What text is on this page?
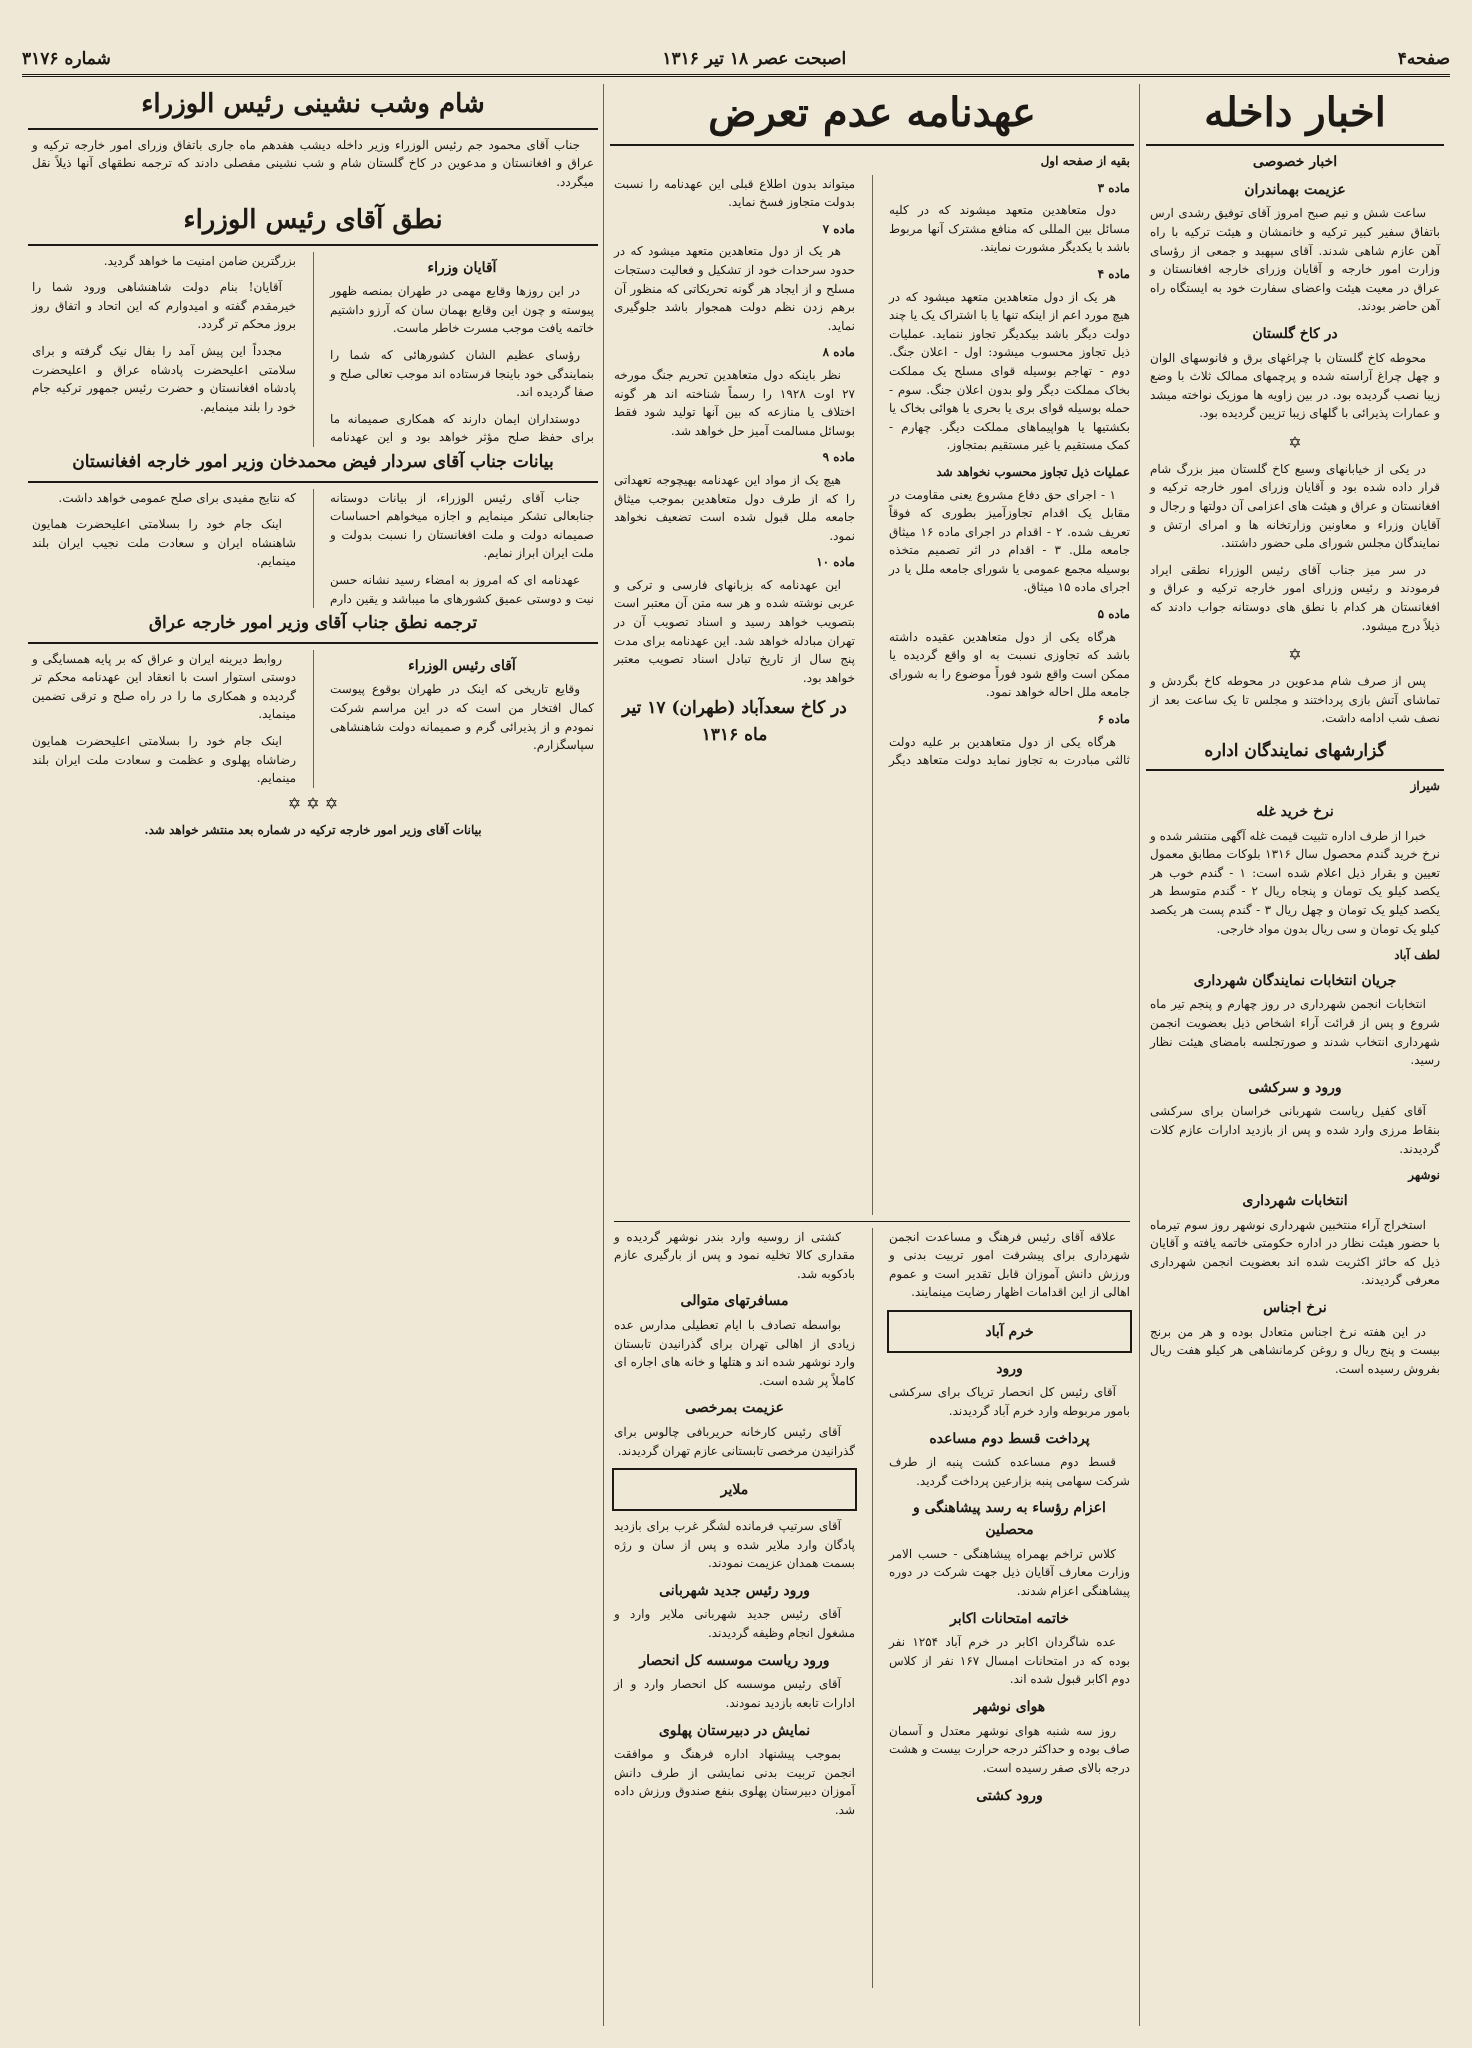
صفحه۴
اصبحت عصر ۱۸ تیر ۱۳۱۶
شماره ۳۱۷۶
اخبار داخله
اخبار خصوصی
عزیمت بهماندران
ساعت شش و نیم صبح امروز آقای توفیق رشدی ارس باتفاق سفیر کبیر ترکیه و خانمشان و هیئت ترکیه با راه آهن عازم شاهی شدند. آقای سپهبد و جمعی از رؤسای وزارت امور خارجه و آقایان وزرای خارجه افغانستان و عراق در معیت هیئت واعضای سفارت خود به ایستگاه راه آهن حاضر بودند.
در کاخ گلستان
محوطه کاخ گلستان با چراغهای برق و فانوسهای الوان و چهل چراغ آراسته شده و پرچمهای ممالک ثلاث با وضع زیبا نصب گردیده بود. در بین زاویه ها موزیک نواخته میشد و عمارات پذیرائی با گلهای زیبا تزیین گردیده بود.
✡
در یکی از خیابانهای وسیع کاخ گلستان میز بزرگ شام قرار داده شده بود و آقایان وزرای امور خارجه ترکیه و افغانستان و عراق و هیئت های اعزامی آن دولتها و رجال و آقایان وزراء و معاونین وزارتخانه ها و امرای ارتش و نمایندگان مجلس شورای ملی حضور داشتند.
در سر میز جناب آقای رئیس الوزراء نطقی ایراد فرمودند و رئیس وزرای امور خارجه ترکیه و عراق و افغانستان هر کدام با نطق های دوستانه جواب دادند که ذیلاً درج میشود.
✡
پس از صرف شام مدعوین در محوطه کاخ بگردش و تماشای آتش بازی پرداختند و مجلس تا یک ساعت بعد از نصف شب ادامه داشت.
گزارشهای نمایندگان اداره
شیراز
نرخ خرید غله
خبرا از طرف اداره تثبیت قیمت غله آگهی منتشر شده و نرخ خرید گندم محصول سال ۱۳۱۶ بلوکات مطابق معمول تعیین و بقرار ذیل اعلام شده است: ۱ - گندم خوب هر یکصد کیلو یک تومان و پنجاه ریال ۲ - گندم متوسط هر یکصد کیلو یک تومان و چهل ریال ۳ - گندم پست هر یکصد کیلو یک تومان و سی ریال بدون مواد خارجی.
لطف آباد
جریان انتخابات نمایندگان شهرداری
انتخابات انجمن شهرداری در روز چهارم و پنجم تیر ماه شروع و پس از قرائت آراء اشخاص ذیل بعضویت انجمن شهرداری انتخاب شدند و صورتجلسه بامضای هیئت نظار رسید.
ورود و سرکشی
آقای کفیل ریاست شهربانی خراسان برای سرکشی بنقاط مرزی وارد شده و پس از بازدید ادارات عازم کلات گردیدند.
نوشهر
انتخابات شهرداری
استخراج آراء منتخبین شهرداری نوشهر روز سوم تیرماه با حضور هیئت نظار در اداره حکومتی خاتمه یافته و آقایان ذیل که حائز اکثریت شده اند بعضویت انجمن شهرداری معرفی گردیدند.
نرخ اجناس
در این هفته نرخ اجناس متعادل بوده و هر من برنج بیست و پنج ریال و روغن کرمانشاهی هر کیلو هفت ریال بفروش رسیده است.
عهدنامه عدم تعرض
بقیه از صفحه اول
ماده ۳
دول متعاهدین متعهد میشوند که در کلیه مسائل بین المللی که منافع مشترک آنها مربوط باشد با یکدیگر مشورت نمایند.
ماده ۴
هر یک از دول متعاهدین متعهد میشود که در هیچ مورد اعم از اینکه تنها یا با اشتراک یک یا چند دولت دیگر باشد بیکدیگر تجاوز ننماید. عملیات ذیل تجاوز محسوب میشود: اول - اعلان جنگ. دوم - تهاجم بوسیله قوای مسلح یک مملکت بخاک مملکت دیگر ولو بدون اعلان جنگ. سوم - حمله بوسیله قوای بری یا بحری یا هوائی بخاک یا بکشتیها یا هواپیماهای مملکت دیگر. چهارم - کمک مستقیم یا غیر مستقیم بمتجاوز.
عملیات ذیل تجاوز محسوب نخواهد شد
۱ - اجرای حق دفاع مشروع یعنی مقاومت در مقابل یک اقدام تجاوزآمیز بطوری که فوقاً تعریف شده. ۲ - اقدام در اجرای ماده ۱۶ میثاق جامعه ملل. ۳ - اقدام در اثر تصمیم متخذه بوسیله مجمع عمومی یا شورای جامعه ملل یا در اجرای ماده ۱۵ میثاق.
ماده ۵
هرگاه یکی از دول متعاهدین عقیده داشته باشد که تجاوزی نسبت به او واقع گردیده یا ممکن است واقع شود فوراً موضوع را به شورای جامعه ملل احاله خواهد نمود.
ماده ۶
هرگاه یکی از دول متعاهدین بر علیه دولت ثالثی مبادرت به تجاوز نماید دولت متعاهد دیگر میتواند بدون اطلاع قبلی این عهدنامه را نسبت بدولت متجاوز فسخ نماید.
ماده ۷
هر یک از دول متعاهدین متعهد میشود که در حدود سرحدات خود از تشکیل و فعالیت دستجات مسلح و از ایجاد هر گونه تحریکاتی که منظور آن برهم زدن نظم دولت همجوار باشد جلوگیری نماید.
ماده ۸
نظر باینکه دول متعاهدین تحریم جنگ مورخه ۲۷ اوت ۱۹۲۸ را رسماً شناخته اند هر گونه اختلاف یا منازعه که بین آنها تولید شود فقط بوسائل مسالمت آمیز حل خواهد شد.
ماده ۹
هیچ یک از مواد این عهدنامه بهیچوجه تعهداتی را که از طرف دول متعاهدین بموجب میثاق جامعه ملل قبول شده است تضعیف نخواهد نمود.
ماده ۱۰
این عهدنامه که بزبانهای فارسی و ترکی و عربی نوشته شده و هر سه متن آن معتبر است بتصویب خواهد رسید و اسناد تصویب آن در تهران مبادله خواهد شد. این عهدنامه برای مدت پنج سال از تاریخ تبادل اسناد تصویب معتبر خواهد بود.
در کاخ سعدآباد (طهران) ۱۷ تیر ماه ۱۳۱۶
علاقه آقای رئیس فرهنگ و مساعدت انجمن شهرداری برای پیشرفت امور تربیت بدنی و ورزش دانش آموزان قابل تقدیر است و عموم اهالی از این اقدامات اظهار رضایت مینمایند.
خرم آباد
ورود
آقای رئیس کل انحصار تریاک برای سرکشی بامور مربوطه وارد خرم آباد گردیدند.
پرداخت قسط دوم مساعده
قسط دوم مساعده کشت پنبه از طرف شرکت سهامی پنبه بزارعین پرداخت گردید.
اعزام رؤساء به رسد پیشاهنگی و محصلین
کلاس تراخم بهمراه پیشاهنگی - حسب الامر وزارت معارف آقایان ذیل جهت شرکت در دوره پیشاهنگی اعزام شدند.
خاتمه امتحانات اکابر
عده شاگردان اکابر در خرم آباد ۱۲۵۴ نفر بوده که در امتحانات امسال ۱۶۷ نفر از کلاس دوم اکابر قبول شده اند.
هوای نوشهر
روز سه شنبه هوای نوشهر معتدل و آسمان صاف بوده و حداکثر درجه حرارت بیست و هشت درجه بالای صفر رسیده است.
ورود کشتی
کشتی از روسیه وارد بندر نوشهر گردیده و مقداری کالا تخلیه نمود و پس از بارگیری عازم بادکوبه شد.
مسافرتهای متوالی
بواسطه تصادف با ایام تعطیلی مدارس عده زیادی از اهالی تهران برای گذرانیدن تابستان وارد نوشهر شده اند و هتلها و خانه های اجاره ای کاملاً پر شده است.
عزیمت بمرخصی
آقای رئیس کارخانه حریربافی چالوس برای گذرانیدن مرخصی تابستانی عازم تهران گردیدند.
ملایر
آقای سرتیپ فرمانده لشگر غرب برای بازدید پادگان وارد ملایر شده و پس از سان و رژه بسمت همدان عزیمت نمودند.
ورود رئیس جدید شهربانی
آقای رئیس جدید شهربانی ملایر وارد و مشغول انجام وظیفه گردیدند.
ورود ریاست موسسه کل انحصار
آقای رئیس موسسه کل انحصار وارد و از ادارات تابعه بازدید نمودند.
نمایش در دبیرستان پهلوی
بموجب پیشنهاد اداره فرهنگ و موافقت انجمن تربیت بدنی نمایشی از طرف دانش آموزان دبیرستان پهلوی بنفع صندوق ورزش داده شد.
شام وشب نشینی رئیس الوزراء
جناب آقای محمود جم رئیس الوزراء وزیر داخله دیشب هفدهم ماه جاری باتفاق وزرای امور خارجه ترکیه و عراق و افغانستان و مدعوین در کاخ گلستان شام و شب نشینی مفصلی دادند که ترجمه نطقهای آنها ذیلاً نقل میگردد.
نطق آقای رئیس الوزراء
آقایان وزراء
در این روزها وقایع مهمی در طهران بمنصه ظهور پیوسته و چون این وقایع بهمان سان که آرزو داشتیم خاتمه یافت موجب مسرت خاطر ماست.
رؤسای عظیم الشان کشورهائی که شما را بنمایندگی خود باینجا فرستاده اند موجب تعالی صلح و صفا گردیده اند.
دوستداران ایمان دارند که همکاری صمیمانه ما برای حفظ صلح مؤثر خواهد بود و این عهدنامه بزرگترین ضامن امنیت ما خواهد گردید.
آقایان! بنام دولت شاهنشاهی ورود شما را خیرمقدم گفته و امیدوارم که این اتحاد و اتفاق روز بروز محکم تر گردد.
مجدداً این پیش آمد را بفال نیک گرفته و برای سلامتی اعلیحضرت پادشاه عراق و اعلیحضرت پادشاه افغانستان و حضرت رئیس جمهور ترکیه جام خود را بلند مینمایم.
بیانات جناب آقای سردار فیض محمدخان وزیر امور خارجه افغانستان
جناب آقای رئیس الوزراء، از بیانات دوستانه جنابعالی تشکر مینمایم و اجازه میخواهم احساسات صمیمانه دولت و ملت افغانستان را نسبت بدولت و ملت ایران ابراز نمایم.
عهدنامه ای که امروز به امضاء رسید نشانه حسن نیت و دوستی عمیق کشورهای ما میباشد و یقین دارم که نتایج مفیدی برای صلح عمومی خواهد داشت.
اینک جام خود را بسلامتی اعلیحضرت همایون شاهنشاه ایران و سعادت ملت نجیب ایران بلند مینمایم.
ترجمه نطق جناب آقای وزیر امور خارجه عراق
آقای رئیس الوزراء
وقایع تاریخی که اینک در طهران بوقوع پیوست کمال افتخار من است که در این مراسم شرکت نمودم و از پذیرائی گرم و صمیمانه دولت شاهنشاهی سپاسگزارم.
روابط دیرینه ایران و عراق که بر پایه همسایگی و دوستی استوار است با انعقاد این عهدنامه محکم تر گردیده و همکاری ما را در راه صلح و ترقی تضمین مینماید.
اینک جام خود را بسلامتی اعلیحضرت همایون رضاشاه پهلوی و عظمت و سعادت ملت ایران بلند مینمایم.
✡ ✡ ✡
بیانات آقای وزیر امور خارجه ترکیه در شماره بعد منتشر خواهد شد.
